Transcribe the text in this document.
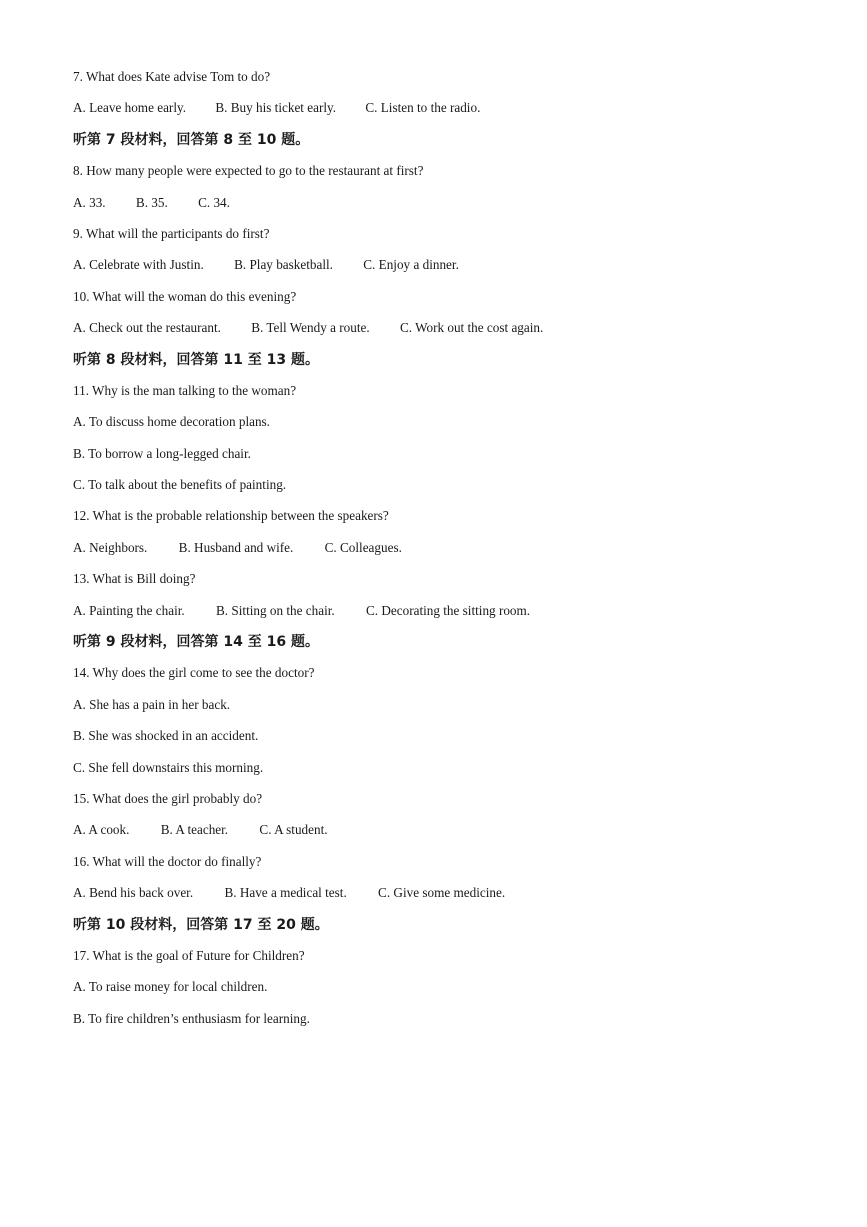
7. What does Kate advise Tom to do?
A. Leave home early. B. Buy his ticket early. C. Listen to the radio.
听第 7 段材料，回答第 8 至 10 题。
8. How many people were expected to go to the restaurant at first?
A. 33. B. 35. C. 34.
9. What will the participants do first?
A. Celebrate with Justin. B. Play basketball. C. Enjoy a dinner.
10. What will the woman do this evening?
A. Check out the restaurant. B. Tell Wendy a route. C. Work out the cost again.
听第 8 段材料，回答第 11 至 13 题。
11. Why is the man talking to the woman?
A. To discuss home decoration plans.
B. To borrow a long-legged chair.
C. To talk about the benefits of painting.
12. What is the probable relationship between the speakers?
A. Neighbors. B. Husband and wife. C. Colleagues.
13. What is Bill doing?
A. Painting the chair. B. Sitting on the chair. C. Decorating the sitting room.
听第 9 段材料，回答第 14 至 16 题。
14. Why does the girl come to see the doctor?
A. She has a pain in her back.
B. She was shocked in an accident.
C. She fell downstairs this morning.
15. What does the girl probably do?
A. A cook. B. A teacher. C. A student.
16. What will the doctor do finally?
A. Bend his back over. B. Have a medical test. C. Give some medicine.
听第 10 段材料，回答第 17 至 20 题。
17. What is the goal of Future for Children?
A. To raise money for local children.
B. To fire children’s enthusiasm for learning.
